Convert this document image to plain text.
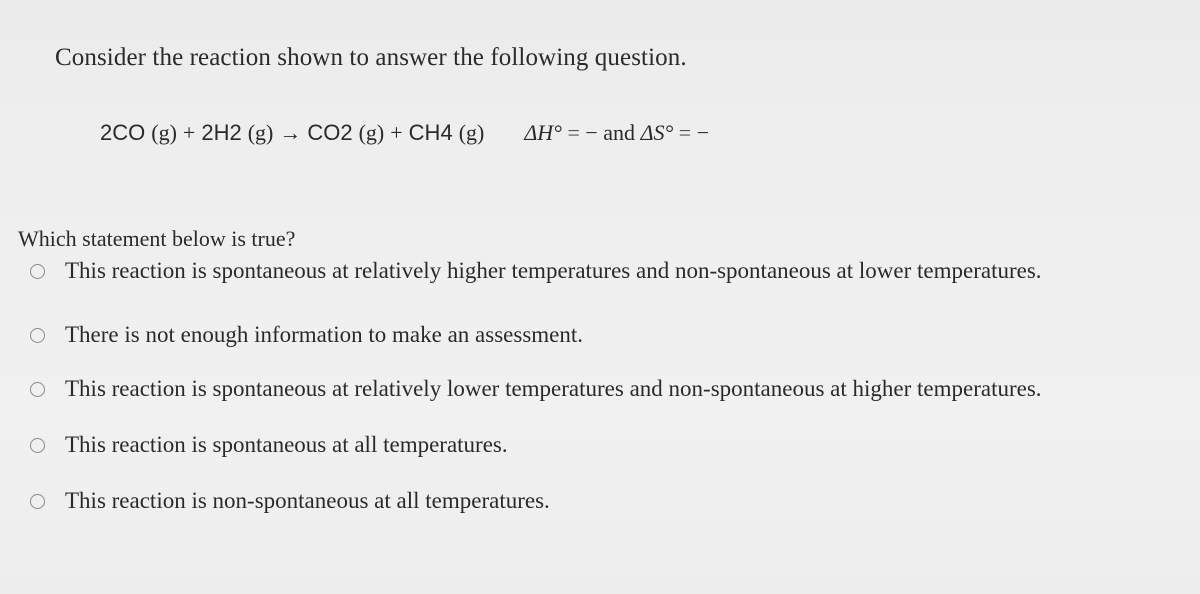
Consider the reaction shown to answer the following question.
2CO (g) + 2H2 (g) → CO2 (g) + CH4 (g) ΔH° = − and ΔS° = −
Which statement below is true?
This reaction is spontaneous at relatively higher temperatures and non-spontaneous at lower temperatures.
There is not enough information to make an assessment.
This reaction is spontaneous at relatively lower temperatures and non-spontaneous at higher temperatures.
This reaction is spontaneous at all temperatures.
This reaction is non-spontaneous at all temperatures.
